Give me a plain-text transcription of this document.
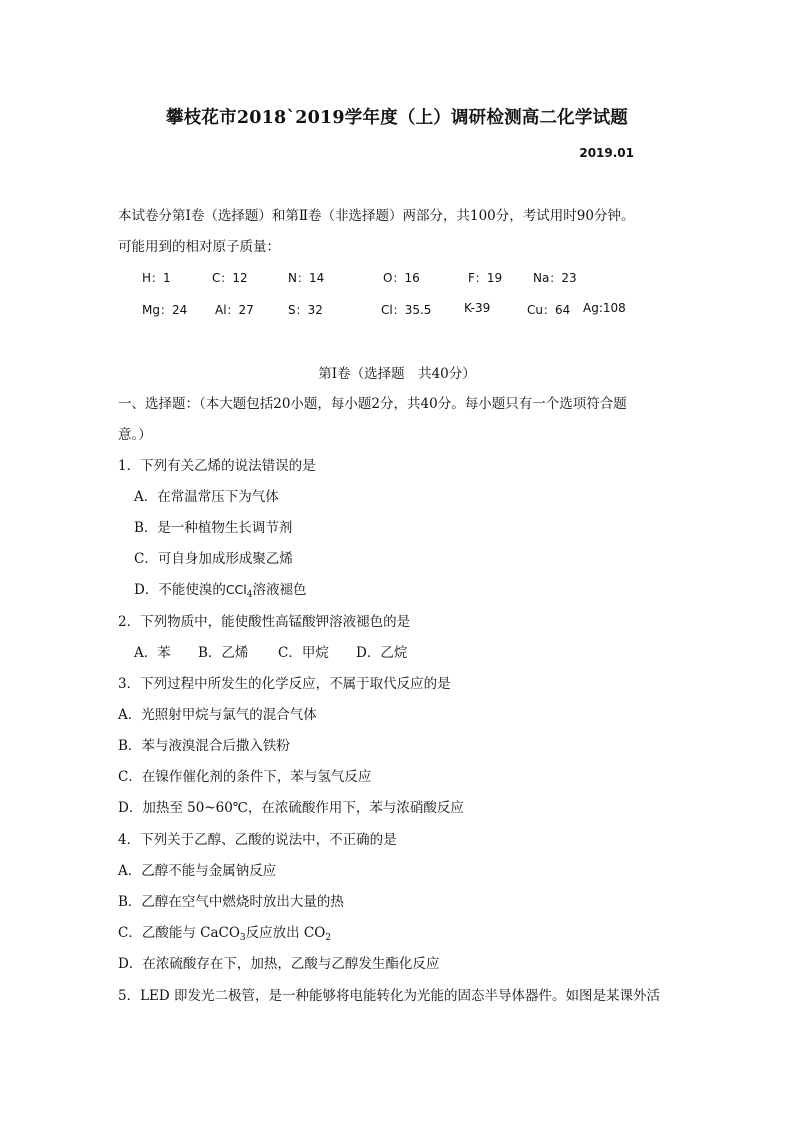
攀枝花市2018`2019学年度（上）调研检测高二化学试题
2019.01
本试卷分第Ⅰ卷（选择题）和第Ⅱ卷（非选择题）两部分，共100分，考试用时90分钟。
可能用到的相对原子质量：
H：1	C：12	N：14	O：16	F：19	Na：23
Mg：24 Al：27	S：32	Cl：35.5	K-39	Cu：64 Ag:108
第Ⅰ卷（选择题　共40分）
一、选择题：（本大题包括20小题，每小题2分，共40分。每小题只有一个选项符合题
意。）
1．下列有关乙烯的说法错误的是
A．在常温常压下为气体
B．是一种植物生长调节剂
C．可自身加成形成聚乙烯
D．不能使溴的CCl$_4$溶液褪色
2．下列物质中，能使酸性高锰酸钾溶液褪色的是
A．苯 B．乙烯 C．甲烷 D．乙烷
3．下列过程中所发生的化学反应，不属于取代反应的是
A．光照射甲烷与氯气的混合气体
B．苯与液溴混合后撒入铁粉
C．在镍作催化剂的条件下，苯与氢气反应
D．加热至 50~60℃，在浓硫酸作用下，苯与浓硝酸反应
4．下列关于乙醇、乙酸的说法中，不正确的是
A．乙醇不能与金属钠反应
B．乙醇在空气中燃烧时放出大量的热
C．乙酸能与 CaCO$_3$反应放出 $CO_2$
D．在浓硫酸存在下，加热，乙酸与乙醇发生酯化反应
5．LED 即发光二极管，是一种能够将电能转化为光能的固态半导体器件。如图是某课外活
